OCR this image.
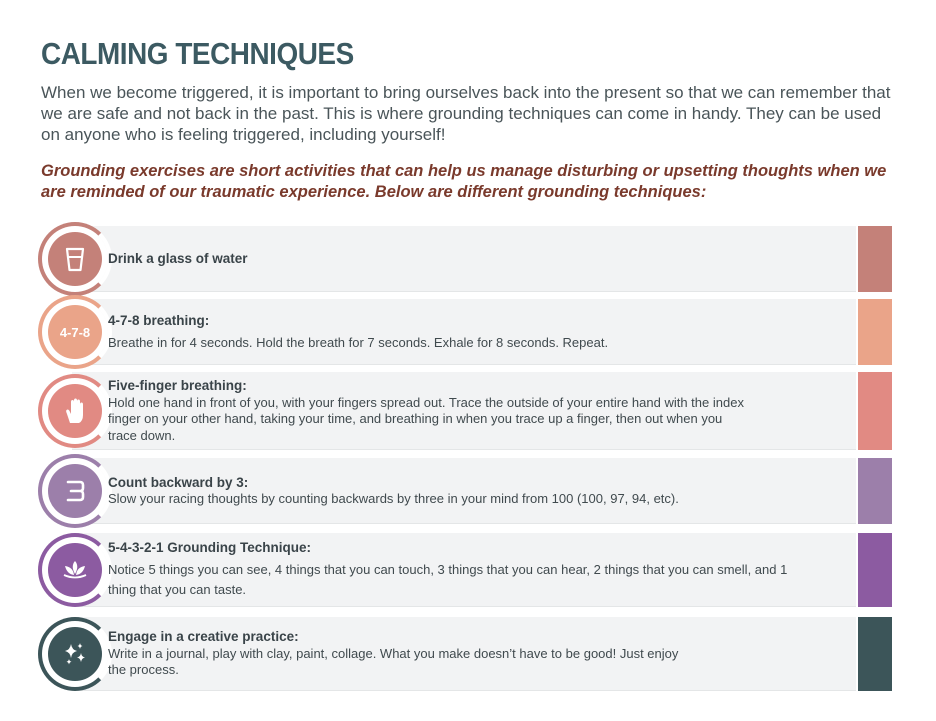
CALMING TECHNIQUES

When we become triggered, it is important to bring ourselves back into the present so that we can remember that we are safe and not back in the past. This is where grounding techniques can come in handy. They can be used on anyone who is feeling triggered, including yourself!

Grounding exercises are short activities that can help us manage disturbing or upsetting thoughts when we are reminded of our traumatic experience. Below are different grounding techniques:

Drink a glass of water
4-7-8
4-7-8 breathing:
Breathe in for 4 seconds. Hold the breath for 7 seconds. Exhale for 8 seconds. Repeat.
Five-finger breathing:
Hold one hand in front of you, with your fingers spread out. Trace the outside of your entire hand with the index finger on your other hand, taking your time, and breathing in when you trace up a finger, then out when you trace down.
Count backward by 3:
Slow your racing thoughts by counting backwards by three in your mind from 100 (100, 97, 94, etc).
5-4-3-2-1 Grounding Technique:
Notice 5 things you can see, 4 things that you can touch, 3 things that you can hear, 2 things that you can smell, and 1 thing that you can taste.
Engage in a creative practice:
Write in a journal, play with clay, paint, collage. What you make doesn’t have to be good! Just enjoy the process.
